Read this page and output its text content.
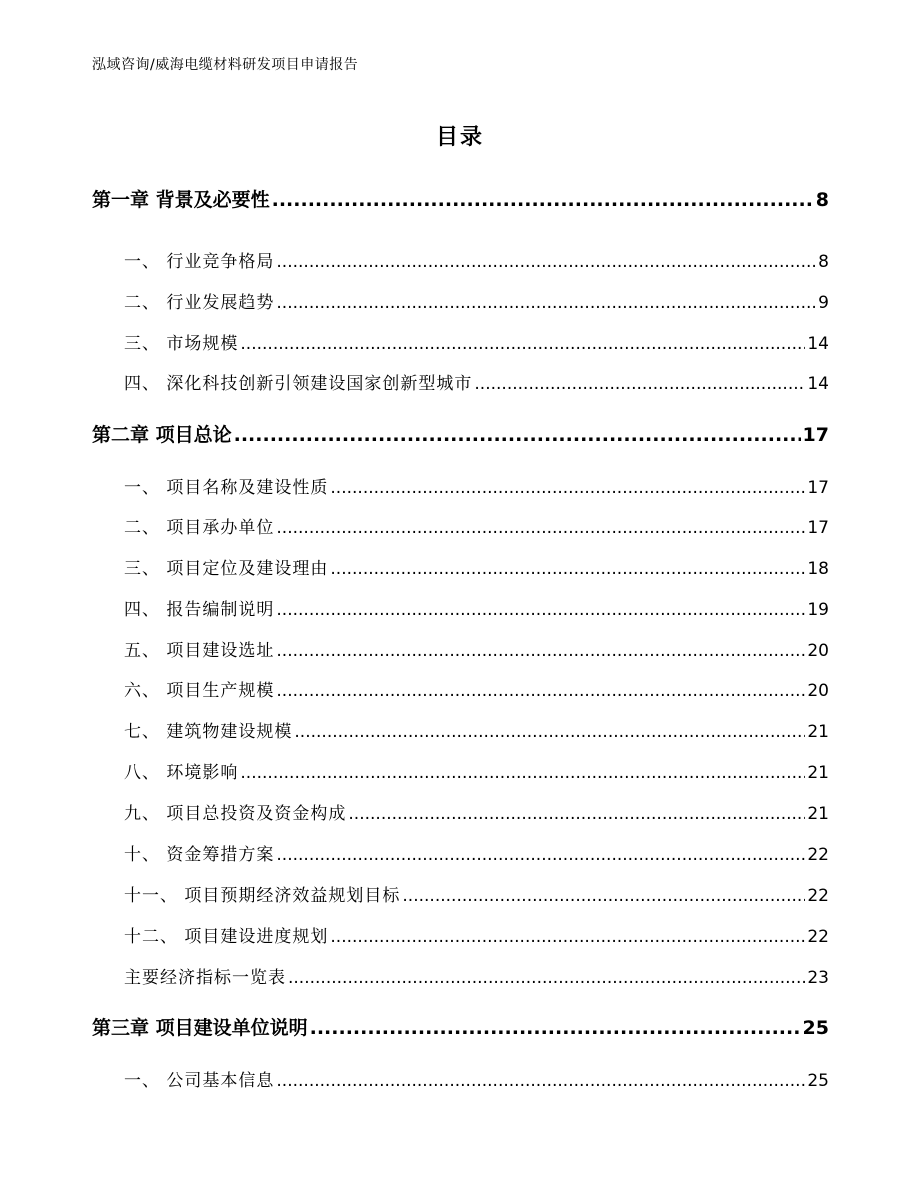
泓域咨询/威海电缆材料研发项目申请报告
目录
第一章 背景及必要性 .....	8
一、 行业竞争格局 .....	8
二、 行业发展趋势 .....	9
三、 市场规模 .....	14
四、 深化科技创新引领建设国家创新型城市 .....	14
第二章 项目总论 .....	17
一、 项目名称及建设性质 .....	17
二、 项目承办单位 .....	17
三、 项目定位及建设理由 .....	18
四、 报告编制说明 .....	19
五、 项目建设选址 .....	20
六、 项目生产规模 .....	20
七、 建筑物建设规模 .....	21
八、 环境影响 .....	21
九、 项目总投资及资金构成 .....	21
十、 资金筹措方案 .....	22
十一、 项目预期经济效益规划目标 .....	22
十二、 项目建设进度规划 .....	22
主要经济指标一览表 .....	23
第三章 项目建设单位说明 .....	25
一、 公司基本信息 .....	25
